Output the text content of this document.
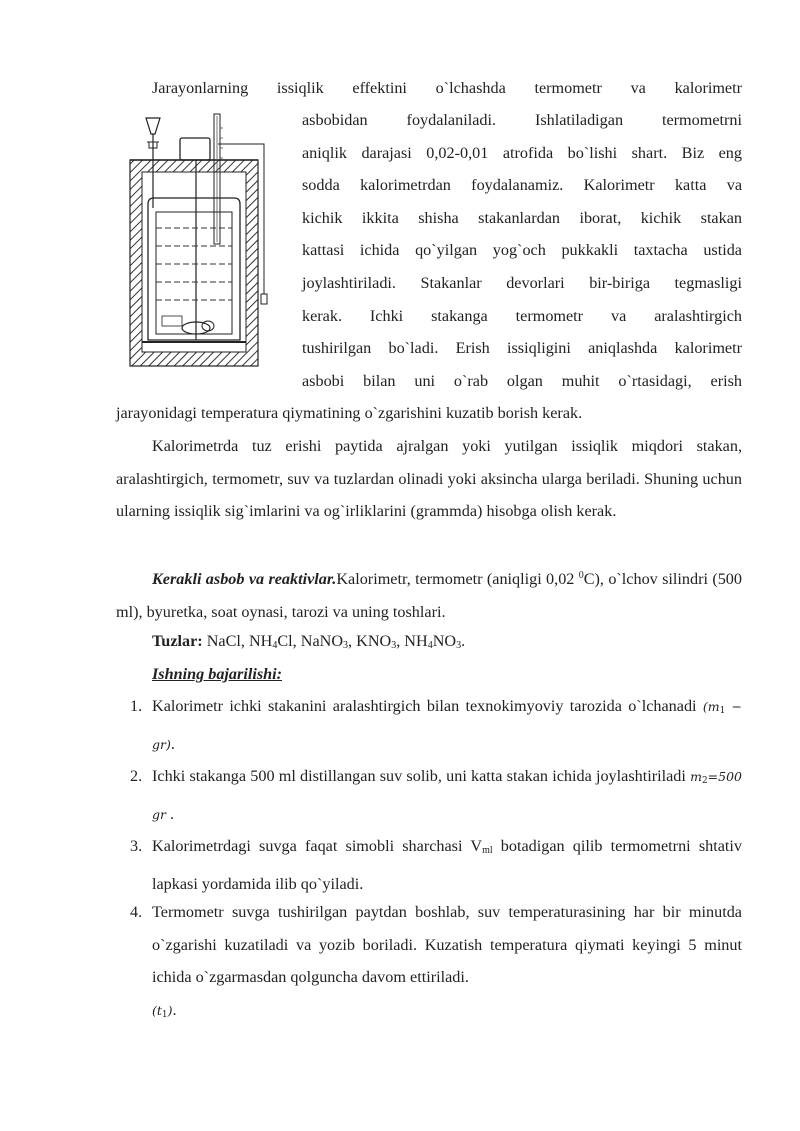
Jarayonlarning issiqlik effektini o`lchashda termometr va kalorimetr

asbobidan foydalaniladi. Ishlatiladigan termometrni
aniqlik darajasi 0,02-0,01 atrofida bo`lishi shart. Biz eng
sodda kalorimetrdan foydalanamiz. Kalorimetr katta va
kichik ikkita shisha stakanlardan iborat, kichik stakan
kattasi ichida qo`yilgan yog`och pukkakli taxtacha ustida
joylashtiriladi. Stakanlar devorlari bir-biriga tegmasligi
kerak. Ichki stakanga termometr va aralashtirgich
tushirilgan bo`ladi. Erish issiqligini aniqlashda kalorimetr
asbobi bilan uni o`rab olgan muhit o`rtasidagi, erish

jarayonidagi temperatura qiymatining o`zgarishini kuzatib borish kerak.

Kalorimetrda tuz erishi paytida ajralgan yoki yutilgan issiqlik miqdori stakan, aralashtirgich, termometr, suv va tuzlardan olinadi yoki aksincha ularga beriladi. Shuning uchun ularning issiqlik sig`imlarini va og`irliklarini (grammda) hisobga olish kerak.

Kerakli asbob va reaktivlar.Kalorimetr, termometr (aniqligi 0,02 $^0$C), o`lchov silindri (500 ml), byuretka, soat oynasi, tarozi va uning toshlari.

Tuzlar: NaCl, $NH_4Cl$, NaNO$_3$, $KNO_3$, $NH_4NO_3$.

Ishning bajarilishi:

1. Kalorimetr ichki stakanini aralashtirgich bilan texnokimyoviy tarozida o`lchanadi $(m_1 - gr)$.
2. Ichki stakanga 500 ml distillangan suv solib, uni katta stakan ichida joylashtiriladi $m_2=500$ gr .
3. Kalorimetrdagi suvga faqat simobli sharchasi $V_{ml}$ botadigan qilib termometrni shtativ lapkasi yordamida ilib qo`yiladi.
4. Termometr suvga tushirilgan paytdan boshlab, suv temperaturasining har bir minutda o`zgarishi kuzatiladi va yozib boriladi. Kuzatish temperatura qiymati keyingi 5 minut ichida o`zgarmasdan qolguncha davom ettiriladi.
$(t_1)$.
